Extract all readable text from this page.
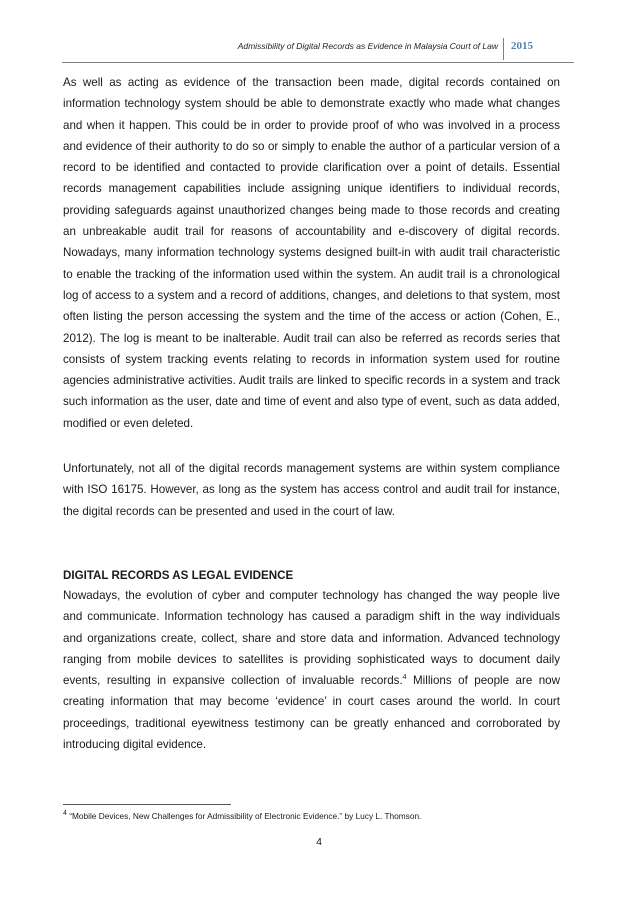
Admissibility of Digital Records as Evidence in Malaysia Court of Law 2015
As well as acting as evidence of the transaction been made, digital records contained on information technology system should be able to demonstrate exactly who made what changes and when it happen. This could be in order to provide proof of who was involved in a process and evidence of their authority to do so or simply to enable the author of a particular version of a record to be identified and contacted to provide clarification over a point of details. Essential records management capabilities include assigning unique identifiers to individual records, providing safeguards against unauthorized changes being made to those records and creating an unbreakable audit trail for reasons of accountability and e-discovery of digital records. Nowadays, many information technology systems designed built-in with audit trail characteristic to enable the tracking of the information used within the system. An audit trail is a chronological log of access to a system and a record of additions, changes, and deletions to that system, most often listing the person accessing the system and the time of the access or action (Cohen, E., 2012). The log is meant to be inalterable. Audit trail can also be referred as records series that consists of system tracking events relating to records in information system used for routine agencies administrative activities. Audit trails are linked to specific records in a system and track such information as the user, date and time of event and also type of event, such as data added, modified or even deleted.
Unfortunately, not all of the digital records management systems are within system compliance with ISO 16175. However, as long as the system has access control and audit trail for instance, the digital records can be presented and used in the court of law.
DIGITAL RECORDS AS LEGAL EVIDENCE
Nowadays, the evolution of cyber and computer technology has changed the way people live and communicate. Information technology has caused a paradigm shift in the way individuals and organizations create, collect, share and store data and information. Advanced technology ranging from mobile devices to satellites is providing sophisticated ways to document daily events, resulting in expansive collection of invaluable records.$^4$ Millions of people are now creating information that may become ‘evidence’ in court cases around the world. In court proceedings, traditional eyewitness testimony can be greatly enhanced and corroborated by introducing digital evidence.
$^4$ “Mobile Devices, New Challenges for Admissibility of Electronic Evidence.” by Lucy L. Thomson.
4
